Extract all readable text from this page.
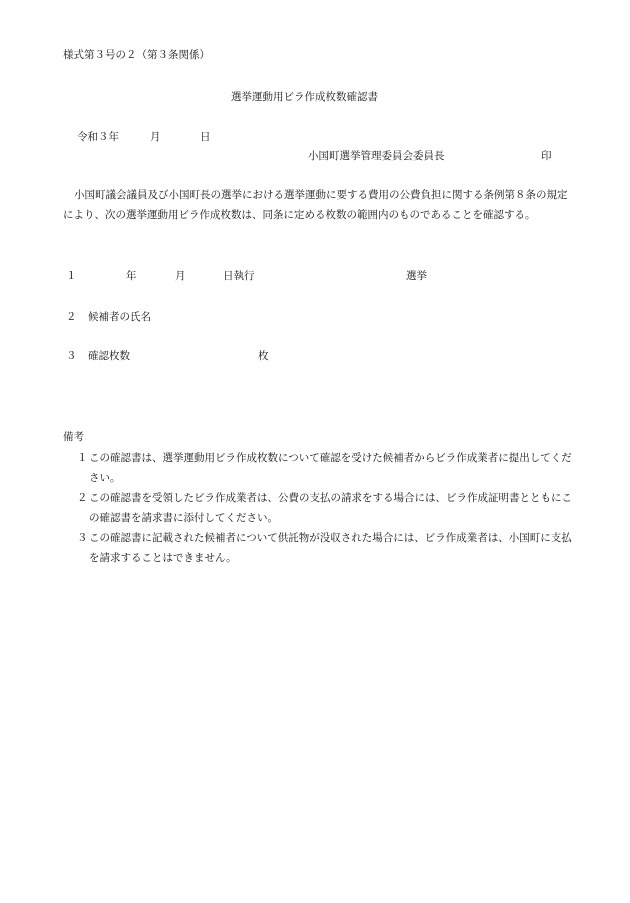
様式第３号の２（第３条関係）
選挙運動用ビラ作成枚数確認書
令和３年	月	日
小国町選挙管理委員会委員長	印
小国町議会議員及び小国町長の選挙における選挙運動に要する費用の公費負担に関する条例第８条の規定により、次の選挙運動用ビラ作成枚数は、同条に定める枚数の範囲内のものであることを確認する。
１	年	月	日執行	選挙
２ 候補者の氏名
３ 確認枚数	枚
備考
１ この確認書は、選挙運動用ビラ作成枚数について確認を受けた候補者からビラ作成業者に提出してください。
２ この確認書を受領したビラ作成業者は、公費の支払の請求をする場合には、ビラ作成証明書とともにこの確認書を請求書に添付してください。
３ この確認書に記載された候補者について供託物が没収された場合には、ビラ作成業者は、小国町に支払を請求することはできません。
